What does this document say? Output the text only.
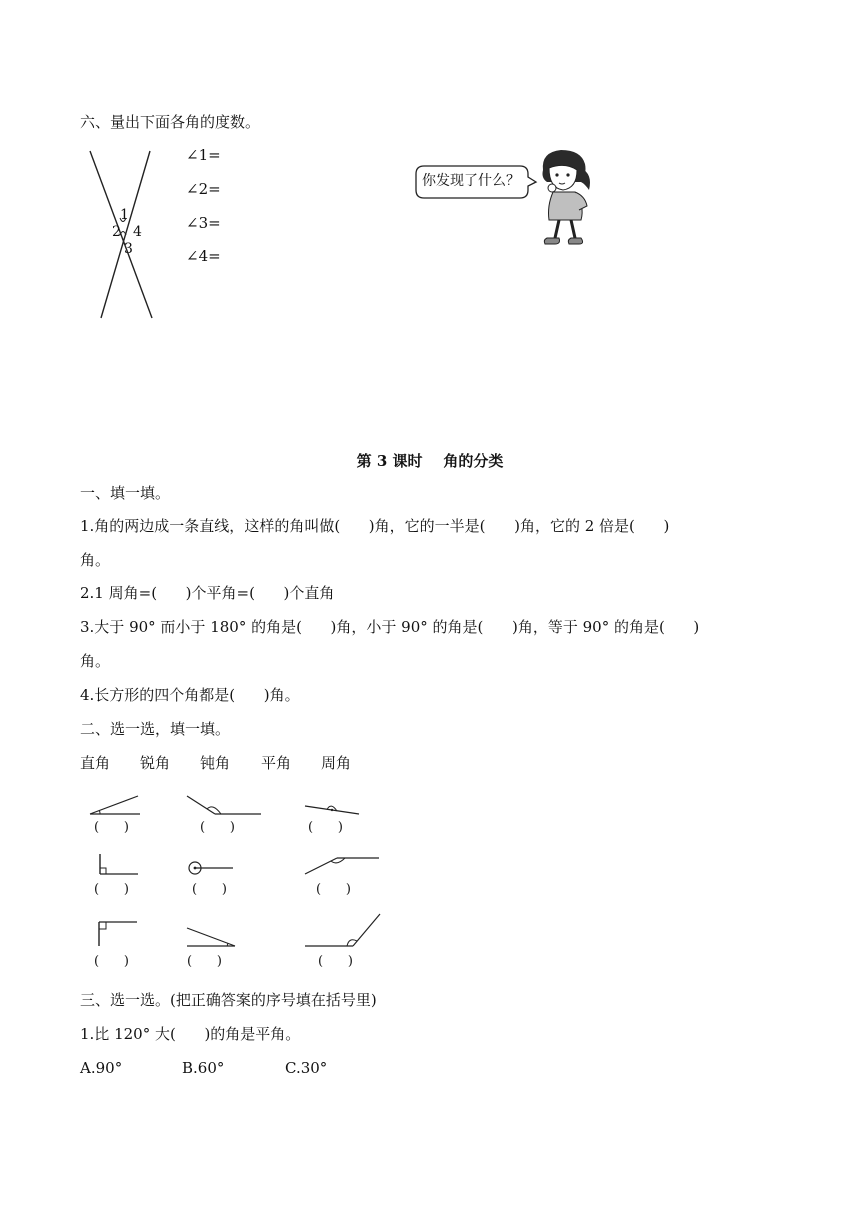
六、量出下面各角的度数。
1
2 4
3
∠1=
∠2=
∠3=
∠4=
你发现了什么？
第 3 课时    角的分类
一、填一填。
1.角的两边成一条直线，这样的角叫做(      )角，它的一半是(      )角，它的 2 倍是(      )
角。
2.1 周角=(      )个平角=(      )个直角
3.大于 90° 而小于 180° 的角是(      )角，小于 90° 的角是(      )角，等于 90° 的角是(      )
角。
4.长方形的四个角都是(      )角。
二、选一选，填一填。
直角 锐角 钝角 平角 周角
(      )	(      )	(      )
(      )	(      )	(      )
(      )	(      )	(      )
三、选一选。(把正确答案的序号填在括号里)
1.比 120° 大(      )的角是平角。
A.90°	B.60°	C.30°
